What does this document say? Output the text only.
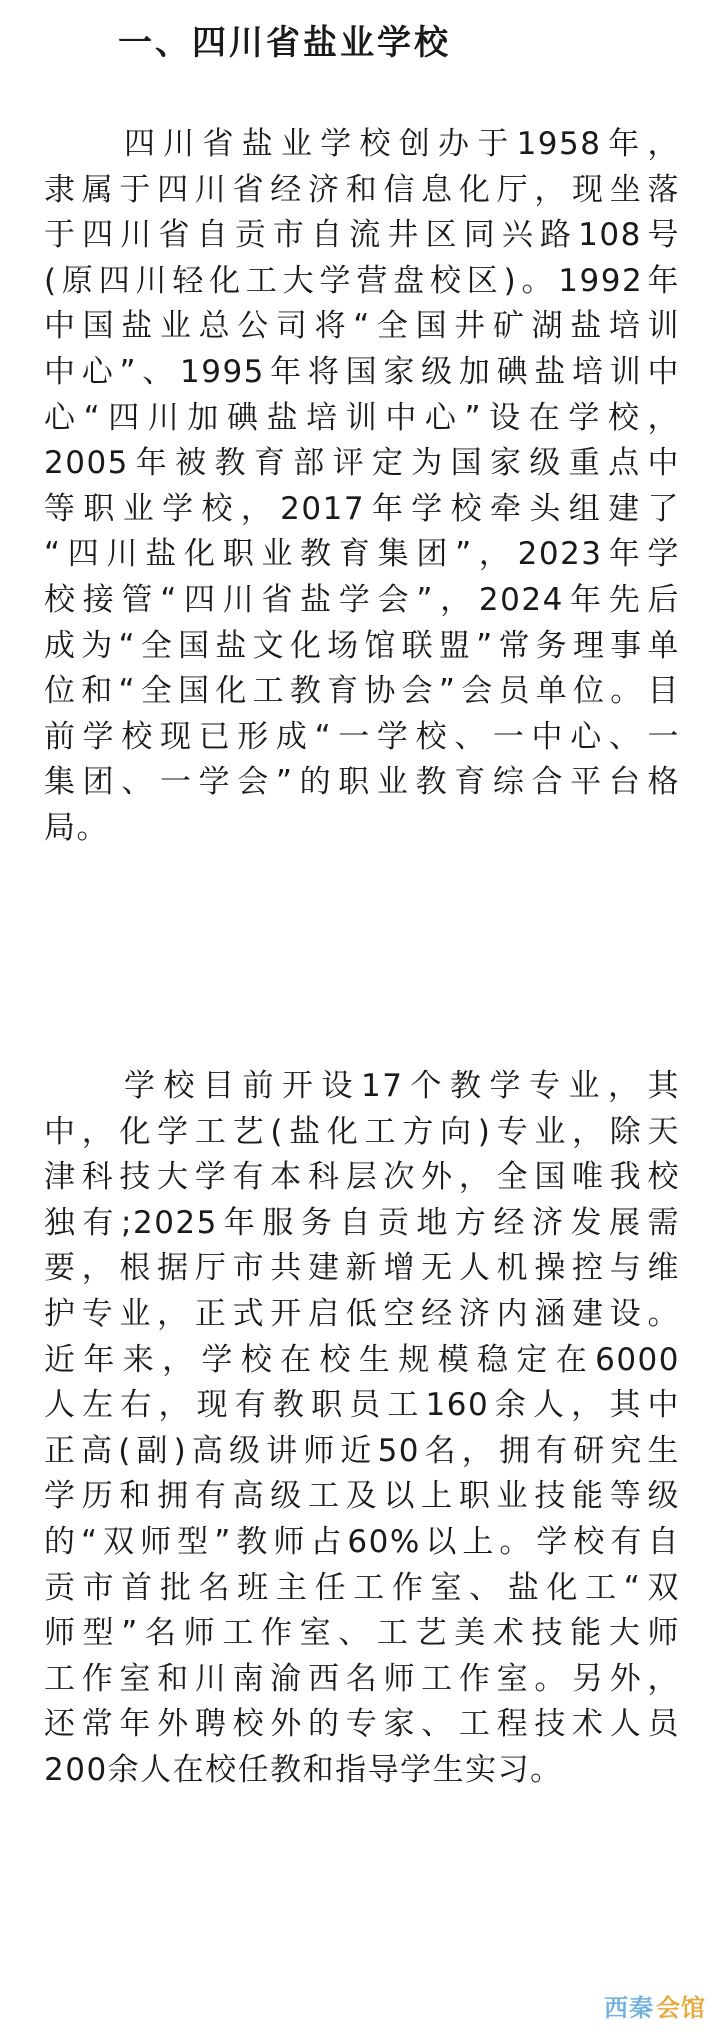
一、四川省盐业学校
四川省盐业学校创办于1958年，
隶属于四川省经济和信息化厅，现坐落
于四川省自贡市自流井区同兴路108号
(原四川轻化工大学营盘校区)。1992年
中国盐业总公司将“全国井矿湖盐培训
中心”、1995年将国家级加碘盐培训中
心“四川加碘盐培训中心”设在学校，
2005年被教育部评定为国家级重点中
等职业学校，2017年学校牵头组建了
“四川盐化职业教育集团”，2023年学
校接管“四川省盐学会”，2024年先后
成为“全国盐文化场馆联盟”常务理事单
位和“全国化工教育协会”会员单位。目
前学校现已形成“一学校、一中心、一
集团、一学会”的职业教育综合平台格
局。
学校目前开设17个教学专业，其
中，化学工艺(盐化工方向)专业，除天
津科技大学有本科层次外，全国唯我校
独有;2025年服务自贡地方经济发展需
要，根据厅市共建新增无人机操控与维
护专业，正式开启低空经济内涵建设。
近年来，学校在校生规模稳定在6000
人左右，现有教职员工160余人，其中
正高(副)高级讲师近50名，拥有研究生
学历和拥有高级工及以上职业技能等级
的“双师型”教师占60%以上。学校有自
贡市首批名班主任工作室、盐化工“双
师型”名师工作室、工艺美术技能大师
工作室和川南渝西名师工作室。另外，
还常年外聘校外的专家、工程技术人员
200余人在校任教和指导学生实习。
西秦 会馆
